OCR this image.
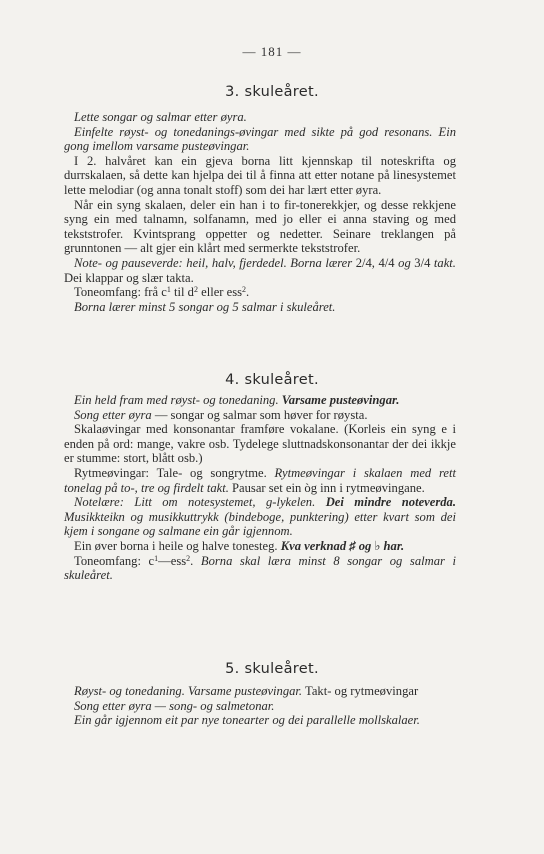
— 181 —
3. skuleåret.

Lette songar og salmar etter øyra.

Einfelte røyst- og tonedanings-øvingar med sikte på god resonans. Ein gong imellom varsame pusteøvingar.

I 2. halvåret kan ein gjeva borna litt kjennskap til noteskrifta og durrskalaen, så dette kan hjelpa dei til å finna att etter notane på linesystemet lette melodiar (og anna tonalt stoff) som dei har lært etter øyra.

Når ein syng skalaen, deler ein han i to fir-tonerekkjer, og desse rekkjene syng ein med talnamn, solfanamn, med jo eller ei anna staving og med tekststrofer. Kvintsprang oppetter og nedetter. Seinare treklangen på grunntonen — alt gjer ein klårt med sermerkte tekststrofer.

Note- og pauseverde: heil, halv, fjerdedel. Borna lærer 2/4, 4/4 og 3/4 takt. Dei klappar og slær takta.

Toneomfang: frå $c^1$ til $d^2$ eller ess$^2$.

Borna lærer minst 5 songar og 5 salmar i skuleåret.

4. skuleåret.

Ein held fram med røyst- og tonedaning. Varsame pusteøvingar.

Song etter øyra — songar og salmar som høver for røysta.

Skalaøvingar med konsonantar framføre vokalane. (Korleis ein syng e i enden på ord: mange, vakre osb. Tydelege sluttnadskonsonantar der dei ikkje er stumme: stort, blått osb.)

Rytmeøvingar: Tale- og songrytme. Rytmeøvingar i skalaen med rett tonelag på to-, tre og firdelt takt. Pausar set ein òg inn i rytmeøvingane.

Notelære: Litt om notesystemet, g-lykelen. Dei mindre noteverda. Musikkteikn og musikkuttrykk (bindeboge, punktering) etter kvart som dei kjem i songane og salmane ein går igjennom.

Ein øver borna i heile og halve tonesteg. Kva verknad ♯ og ♭ har.

Toneomfang: $c^1—ess^2$. Borna skal læra minst 8 songar og salmar i skuleåret.

5. skuleåret.

Røyst- og tonedaning. Varsame pusteøvingar. Takt- og rytmeøvingar

Song etter øyra — song- og salmetonar.

Ein går igjennom eit par nye tonearter og dei parallelle mollskalaer.
